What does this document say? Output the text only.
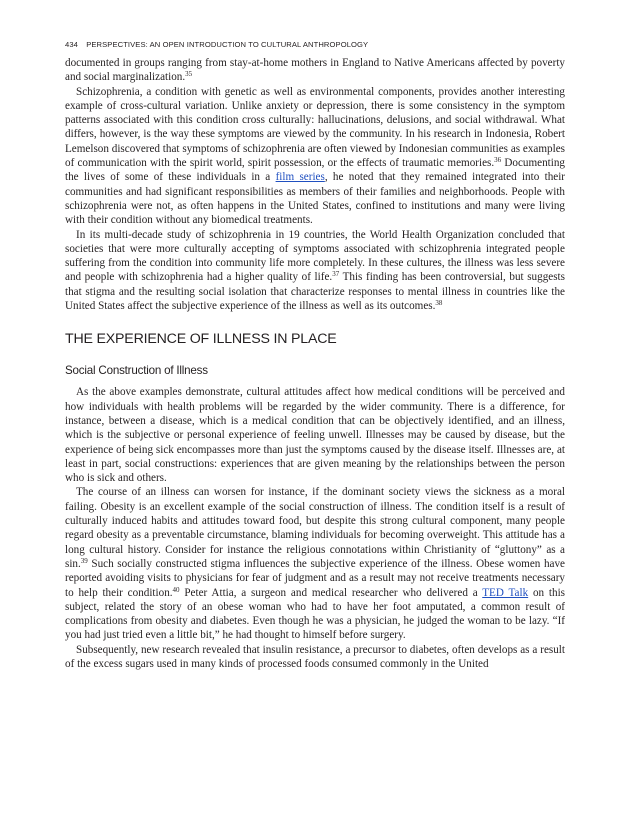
434 PERSPECTIVES: AN OPEN INTRODUCTION TO CULTURAL ANTHROPOLOGY

documented in groups ranging from stay-at-home mothers in England to Native Americans affected by poverty and social marginalization.$^{35}$

Schizophrenia, a condition with genetic as well as environmental components, provides another interesting example of cross-cultural variation. Unlike anxiety or depression, there is some consistency in the symptom patterns associated with this condition cross culturally: hallucinations, delusions, and social withdrawal. What differs, however, is the way these symptoms are viewed by the community. In his research in Indonesia, Robert Lemelson discovered that symptoms of schizophrenia are often viewed by Indonesian communities as examples of communication with the spirit world, spirit possession, or the effects of traumatic memories.$^{36}$ Documenting the lives of some of these individuals in a film series, he noted that they remained integrated into their communities and had significant responsibilities as members of their families and neighborhoods. People with schizophrenia were not, as often happens in the United States, confined to institutions and many were living with their condition without any biomedical treatments.

In its multi-decade study of schizophrenia in 19 countries, the World Health Organization concluded that societies that were more culturally accepting of symptoms associated with schizophrenia integrated people suffering from the condition into community life more completely. In these cultures, the illness was less severe and people with schizophrenia had a higher quality of life.$^{37}$ This finding has been controversial, but suggests that stigma and the resulting social isolation that characterize responses to mental illness in countries like the United States affect the subjective experience of the illness as well as its outcomes.$^{38}$

THE EXPERIENCE OF ILLNESS IN PLACE
Social Construction of Illness

As the above examples demonstrate, cultural attitudes affect how medical conditions will be perceived and how individuals with health problems will be regarded by the wider community. There is a difference, for instance, between a disease, which is a medical condition that can be objectively identified, and an illness, which is the subjective or personal experience of feeling unwell. Illnesses may be caused by disease, but the experience of being sick encompasses more than just the symptoms caused by the disease itself. Illnesses are, at least in part, social constructions: experiences that are given meaning by the relationships between the person who is sick and others.

The course of an illness can worsen for instance, if the dominant society views the sickness as a moral failing. Obesity is an excellent example of the social construction of illness. The condition itself is a result of culturally induced habits and attitudes toward food, but despite this strong cultural component, many people regard obesity as a preventable circumstance, blaming individuals for becoming overweight. This attitude has a long cultural history. Consider for instance the religious connotations within Christianity of “gluttony” as a sin.$^{39}$ Such socially constructed stigma influences the subjective experience of the illness. Obese women have reported avoiding visits to physicians for fear of judgment and as a result may not receive treatments necessary to help their condition.$^{40}$ Peter Attia, a surgeon and medical researcher who delivered a TED Talk on this subject, related the story of an obese woman who had to have her foot amputated, a common result of complications from obesity and diabetes. Even though he was a physician, he judged the woman to be lazy. “If you had just tried even a little bit,” he had thought to himself before surgery.

Subsequently, new research revealed that insulin resistance, a precursor to diabetes, often develops as a result of the excess sugars used in many kinds of processed foods consumed commonly in the United
